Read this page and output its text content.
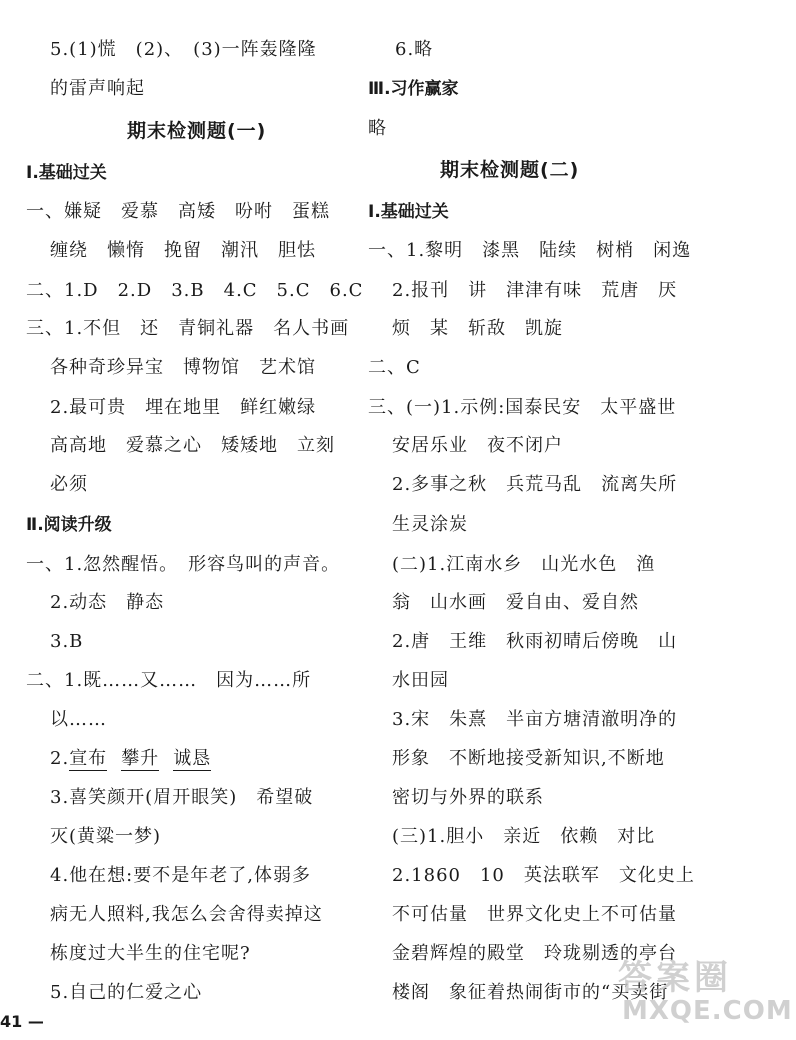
5.(1)慌　(2)、　(3)一阵轰隆隆
的雷声响起
期末检测题(一)
Ⅰ.基础过关
一、嫌疑　爱慕　高矮　吩咐　蛋糕
缠绕　懒惰　挽留　潮汛　胆怯
二、1.D　2.D　3.B　4.C　5.C　6.C
三、1.不但　还　青铜礼器　名人书画
各种奇珍异宝　博物馆　艺术馆
2.最可贵　埋在地里　鲜红嫩绿
高高地　爱慕之心　矮矮地　立刻
必须
Ⅱ.阅读升级
一、1.忽然醒悟。　形容鸟叫的声音。
2.动态　静态
3.B
二、1.既……又……　因为……所
以……
2.宣布 攀升 诚恳
3.喜笑颜开(眉开眼笑)　希望破
灭(黄粱一梦)
4.他在想:要不是年老了,体弱多
病无人照料,我怎么会舍得卖掉这
栋度过大半生的住宅呢?
5.自己的仁爱之心
6.略
Ⅲ.习作赢家
略
期末检测题(二)
Ⅰ.基础过关
一、1.黎明　漆黑　陆续　树梢　闲逸
2.报刊　讲　津津有味　荒唐　厌
烦　某　斩敌　凯旋
二、C
三、(一)1.示例:国泰民安　太平盛世
安居乐业　夜不闭户
2.多事之秋　兵荒马乱　流离失所
生灵涂炭
(二)1.江南水乡　山光水色　渔
翁　山水画　爱自由、爱自然
2.唐　王维　秋雨初晴后傍晚　山
水田园
3.宋　朱熹　半亩方塘清澈明净的
形象　不断地接受新知识,不断地
密切与外界的联系
(三)1.胆小　亲近　依赖　对比
2.1860　10　英法联军　文化史上
不可估量　世界文化史上不可估量
金碧辉煌的殿堂　玲珑剔透的亭台
楼阁　象征着热闹街市的“买卖街
答案圈
MXQE.COM
41 —
